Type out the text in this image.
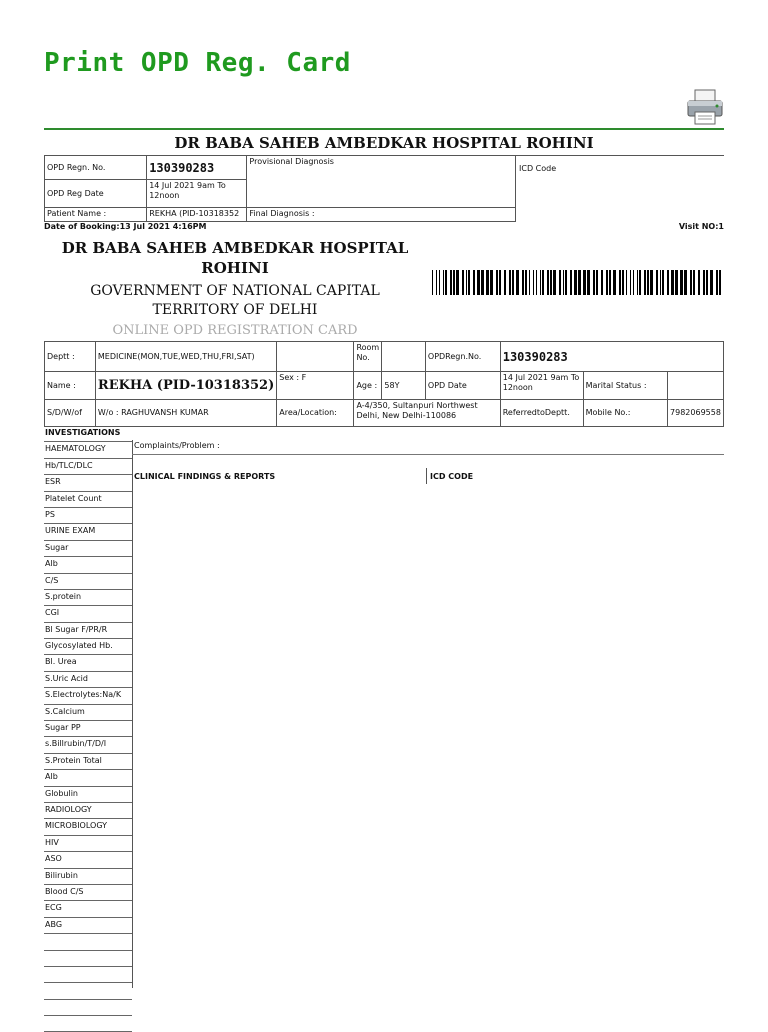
Print OPD Reg. Card
DR BABA SAHEB AMBEDKAR HOSPITAL ROHINI
OPD Regn. No.	130390283	Provisional Diagnosis
OPD Reg Date	14 Jul 2021 9am To 12noon	
Patient Name :	REKHA (PID-10318352	Final Diagnosis :
ICD Code
Date of Booking:13 Jul 2021 4:16PM	Visit NO:1
DR BABA SAHEB AMBEDKAR HOSPITAL ROHINI
GOVERNMENT OF NATIONAL CAPITAL TERRITORY OF DELHI
ONLINE OPD REGISTRATION CARD
Deptt :	MEDICINE(MON,TUE,WED,THU,FRI,SAT)		Room No.		OPDRegn.No.	130390283		
Name :	REKHA (PID-10318352)	Sex : F	Age :	58Y	OPD Date	14 Jul 2021 9am To 12noon	Marital Status :	
S/D/W/of	W/o : RAGHUVANSH KUMAR	Area/Location:	A-4/350, Sultanpuri Northwest Delhi, New Delhi-110086			ReferredtoDeptt.	Mobile No.:	7982069558
INVESTIGATIONS
HAEMATOLOGY
Hb/TLC/DLC
ESR
Platelet Count
PS
URINE EXAM
Sugar
Alb
C/S
S.protein
CGI
Bl Sugar F/PR/R
Glycosylated Hb.
Bl. Urea
S.Uric Acid
S.Electrolytes:Na/K
S.Calcium
Sugar PP
s.Billrubin/T/D/I
S.Protein Total
Alb
Globulin
RADIOLOGY
MICROBIOLOGY
HIV
ASO
Bilirubin
Blood C/S
ECG
ABG
Complaints/Problem :
CLINICAL FINDINGS & REPORTS	ICD CODE
